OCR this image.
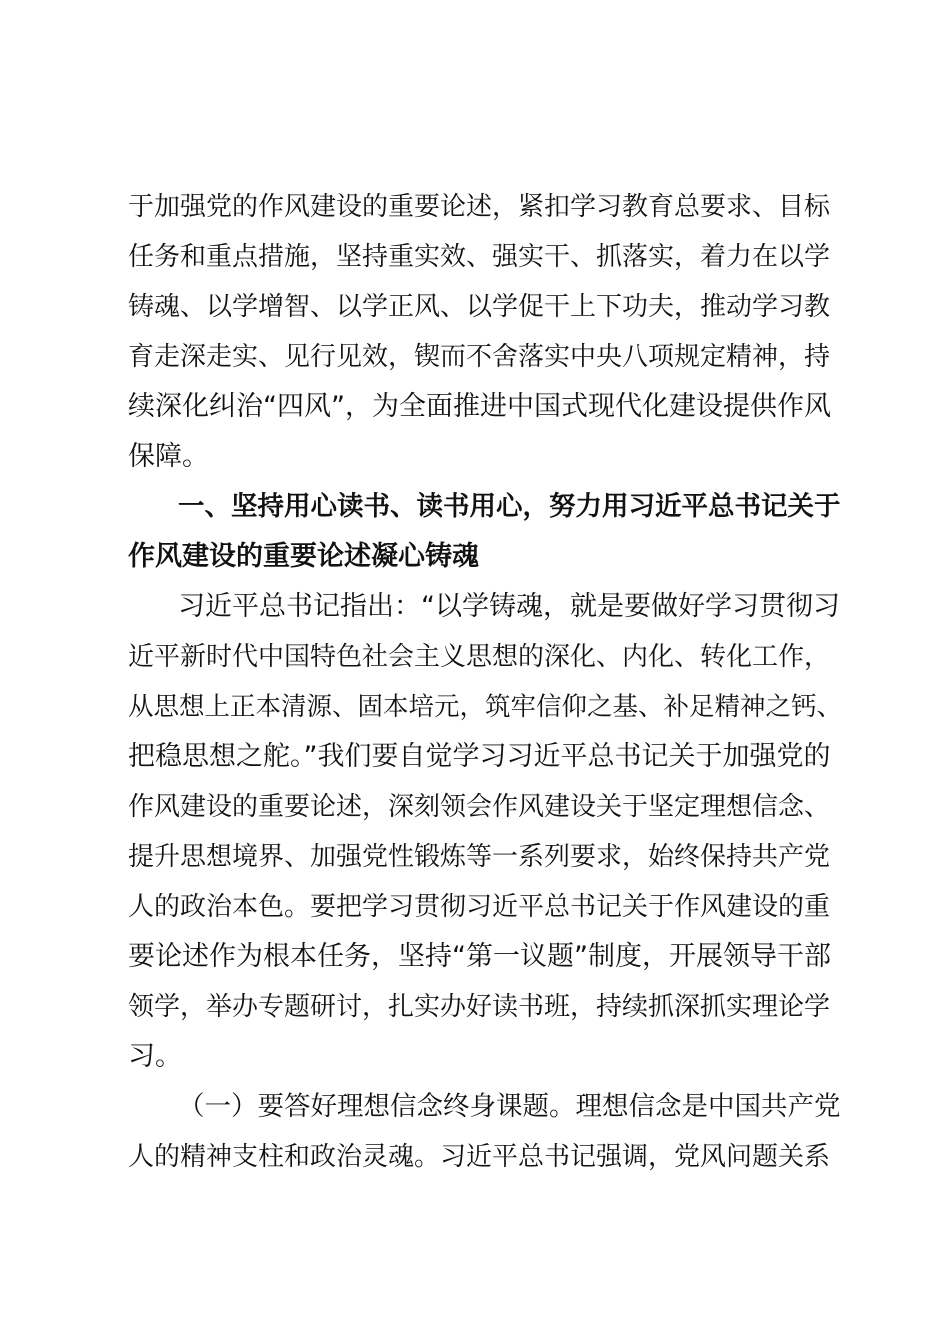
于加强党的作风建设的重要论述，紧扣学习教育总要求、目标
任务和重点措施，坚持重实效、强实干、抓落实，着力在以学
铸魂、以学增智、以学正风、以学促干上下功夫，推动学习教
育走深走实、见行见效，锲而不舍落实中央八项规定精神，持
续深化纠治“四风”，为全面推进中国式现代化建设提供作风
保障。
一、坚持用心读书、读书用心，努力用习近平总书记关于
作风建设的重要论述凝心铸魂
习近平总书记指出：“以学铸魂，就是要做好学习贯彻习
近平新时代中国特色社会主义思想的深化、内化、转化工作，
从思想上正本清源、固本培元，筑牢信仰之基、补足精神之钙、
把稳思想之舵。”我们要自觉学习习近平总书记关于加强党的
作风建设的重要论述，深刻领会作风建设关于坚定理想信念、
提升思想境界、加强党性锻炼等一系列要求，始终保持共产党
人的政治本色。要把学习贯彻习近平总书记关于作风建设的重
要论述作为根本任务，坚持“第一议题”制度，开展领导干部
领学，举办专题研讨，扎实办好读书班，持续抓深抓实理论学
习。
（一）要答好理想信念终身课题。理想信念是中国共产党
人的精神支柱和政治灵魂。习近平总书记强调，党风问题关系
